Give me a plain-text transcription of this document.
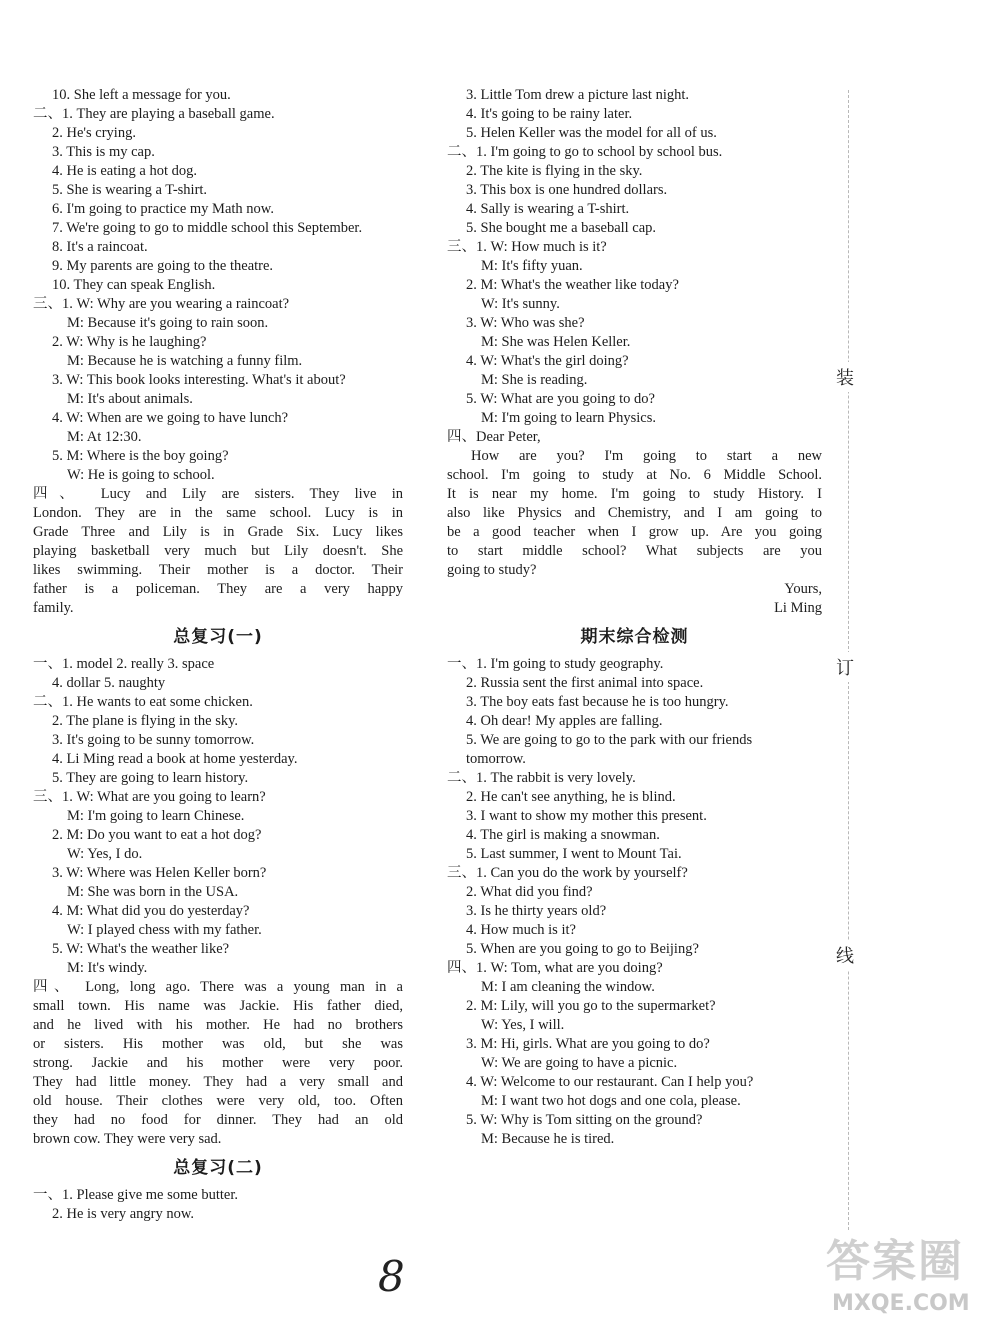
10. She left a message for you.
二、1. They are playing a baseball game.
2. He's crying.
3. This is my cap.
4. He is eating a hot dog.
5. She is wearing a T-shirt.
6. I'm going to practice my Math now.
7. We're going to go to middle school this September.
8. It's a raincoat.
9. My parents are going to the theatre.
10. They can speak English.
三、1. W: Why are you wearing a raincoat?
M: Because it's going to rain soon.
2. W: Why is he laughing?
M: Because he is watching a funny film.
3. W: This book looks interesting. What's it about?
M: It's about animals.
4. W: When are we going to have lunch?
M: At 12:30.
5. M: Where is the boy going?
W: He is going to school.
四、 Lucy and Lily are sisters. They live in
London. They are in the same school. Lucy is in
Grade Three and Lily is in Grade Six. Lucy likes
playing basketball very much but Lily doesn't. She
likes swimming. Their mother is a doctor. Their
father is a policeman. They are a very happy
family.
总复习(一)
一、1. model 2. really 3. space
4. dollar 5. naughty
二、1. He wants to eat some chicken.
2. The plane is flying in the sky.
3. It's going to be sunny tomorrow.
4. Li Ming read a book at home yesterday.
5. They are going to learn history.
三、1. W: What are you going to learn?
M: I'm going to learn Chinese.
2. M: Do you want to eat a hot dog?
W: Yes, I do.
3. W: Where was Helen Keller born?
M: She was born in the USA.
4. M: What did you do yesterday?
W: I played chess with my father.
5. W: What's the weather like?
M: It's windy.
四、 Long, long ago. There was a young man in a
small town. His name was Jackie. His father died,
and he lived with his mother. He had no brothers
or sisters. His mother was old, but she was
strong. Jackie and his mother were very poor.
They had little money. They had a very small and
old house. Their clothes were very old, too. Often
they had no food for dinner. They had an old
brown cow. They were very sad.
总复习(二)
一、1. Please give me some butter.
2. He is very angry now.
3. Little Tom drew a picture last night.
4. It's going to be rainy later.
5. Helen Keller was the model for all of us.
二、1. I'm going to go to school by school bus.
2. The kite is flying in the sky.
3. This box is one hundred dollars.
4. Sally is wearing a T-shirt.
5. She bought me a baseball cap.
三、1. W: How much is it?
M: It's fifty yuan.
2. M: What's the weather like today?
W: It's sunny.
3. W: Who was she?
M: She was Helen Keller.
4. W: What's the girl doing?
M: She is reading.
5. W: What are you going to do?
M: I'm going to learn Physics.
四、Dear Peter,
How are you? I'm going to start a new
school. I'm going to study at No. 6 Middle School.
It is near my home. I'm going to study History. I
also like Physics and Chemistry, and I am going to
be a good teacher when I grow up. Are you going
to start middle school? What subjects are you
going to study?
Yours,
Li Ming
期末综合检测
一、1. I'm going to study geography.
2. Russia sent the first animal into space.
3. The boy eats fast because he is too hungry.
4. Oh dear! My apples are falling.
5. We are going to go to the park with our friends
tomorrow.
二、1. The rabbit is very lovely.
2. He can't see anything, he is blind.
3. I want to show my mother this present.
4. The girl is making a snowman.
5. Last summer, I went to Mount Tai.
三、1. Can you do the work by yourself?
2. What did you find?
3. Is he thirty years old?
4. How much is it?
5. When are you going to go to Beijing?
四、1. W: Tom, what are you doing?
M: I am cleaning the window.
2. M: Lily, will you go to the supermarket?
W: Yes, I will.
3. M: Hi, girls. What are you going to do?
W: We are going to have a picnic.
4. W: Welcome to our restaurant. Can I help you?
M: I want two hot dogs and one cola, please.
5. W: Why is Tom sitting on the ground?
M: Because he is tired.
装
订
线
8	答案圈
MXQE.COM
